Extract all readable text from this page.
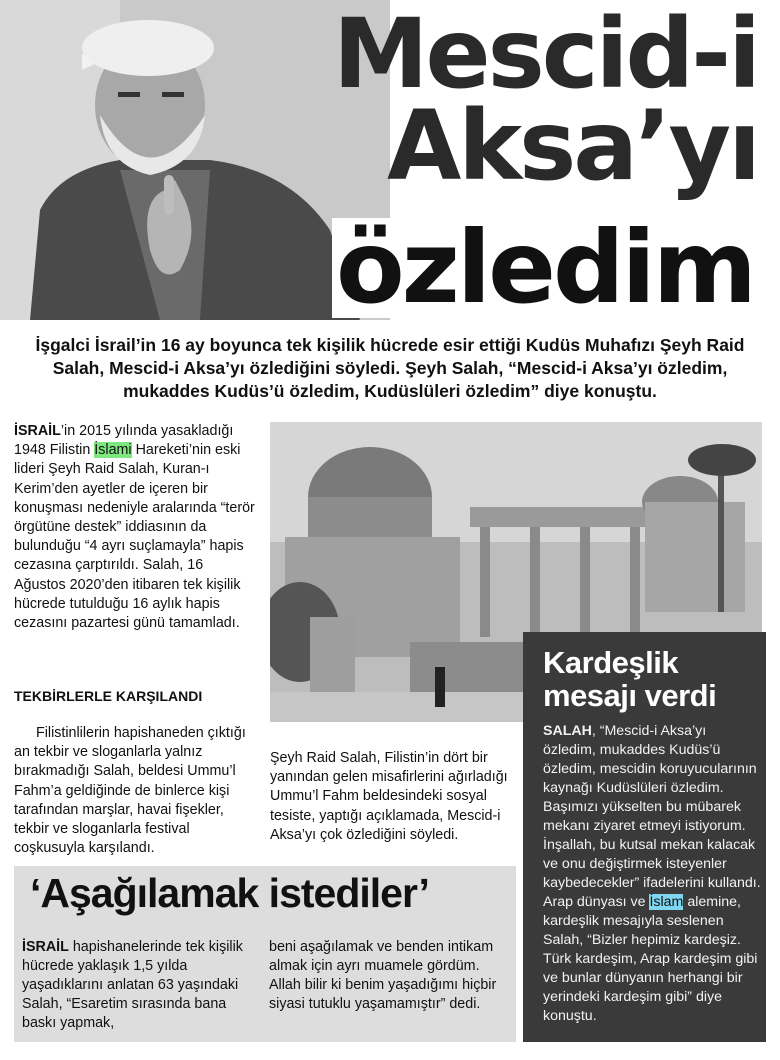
Mescid-i
Aksa’yı
özledim
İşgalci İsrail’in 16 ay boyunca tek kişilik hücrede esir ettiği Kudüs Muhafızı Şeyh Raid Salah, Mescid-i Aksa’yı özlediğini söyledi. Şeyh Salah, “Mescid-i Aksa’yı özledim, mukaddes Kudüs’ü özledim, Kudüslüleri özledim” diye konuştu.

İSRAİL’in 2015 yılında yasakladığı 1948 Filistin İslami Hareketi’nin eski lideri Şeyh Raid Salah, Kuran-ı Kerim’den ayetler de içeren bir konuşması nedeniyle aralarında “terör örgütüne destek” iddiasının da bulunduğu “4 ayrı suçlamayla” hapis cezasına çarptırıldı. Salah, 16 Ağustos 2020’den itibaren tek kişilik hücrede tutulduğu 16 aylık hapis cezasını pazartesi günü tamamladı.

TEKBİRLERLE KARŞILANDI
Filistinlilerin hapishaneden çıktığı an tekbir ve sloganlarla yalnız bırakmadığı Salah, beldesi Ummu’l Fahm’a geldiğinde de binlerce kişi tarafından marşlar, havai fişekler, tekbir ve sloganlarla festival coşkusuyla karşılandı.
Şeyh Raid Salah, Filistin’in dört bir yanından gelen misafirlerini ağırladığı Ummu’l Fahm beldesindeki sosyal tesiste, yaptığı açıklamada, Mescid-i Aksa’yı çok özlediğini söyledi.
Kardeşlik mesajı verdi
SALAH, “Mescid-i Aksa’yı özledim, mukaddes Kudüs’ü özledim, mescidin koruyucularının kaynağı Kudüslüleri özledim. Başımızı yükselten bu mübarek mekanı ziyaret etmeyi istiyorum. İnşallah, bu kutsal mekan kalacak ve onu değiştirmek isteyenler kaybedecekler” ifadelerini kullandı. Arap dünyası ve İslam alemine, kardeşlik mesajıyla seslenen Salah, “Bizler hepimiz kardeşiz. Türk kardeşim, Arap kardeşim gibi ve bunlar dünyanın herhangi bir yerindeki kardeşim gibi” diye konuştu.
‘Aşağılamak istediler’
İSRAİL hapishanelerinde tek kişilik hücrede yaklaşık 1,5 yılda yaşadıklarını anlatan 63 yaşındaki Salah, “Esaretim sırasında bana baskı yapmak,
beni aşağılamak ve benden intikam almak için ayrı muamele gördüm. Allah bilir ki benim yaşadığımı hiçbir siyasi tutuklu yaşamamıştır” dedi.
